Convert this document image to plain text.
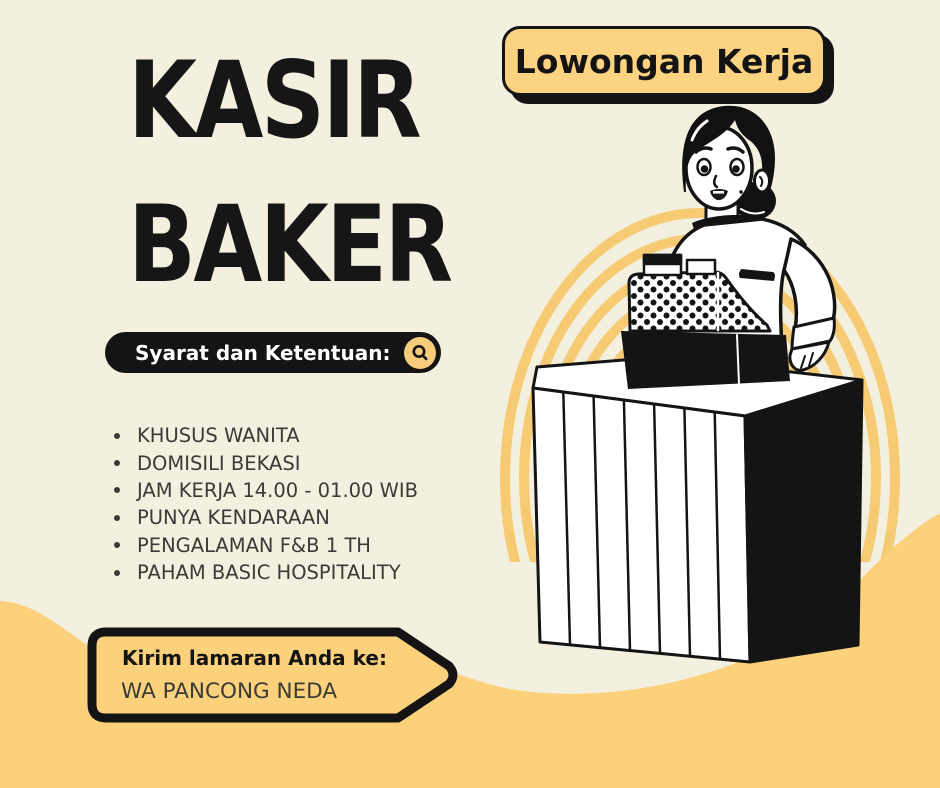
Lowongan Kerja
KASIR
BAKER
Syarat dan Ketentuan:
KHUSUS WANITA
DOMISILI BEKASI
JAM KERJA 14.00 - 01.00 WIB
PUNYA KENDARAAN
PENGALAMAN F&B 1 TH
PAHAM BASIC HOSPITALITY
Kirim lamaran Anda ke:
WA PANCONG NEDA
